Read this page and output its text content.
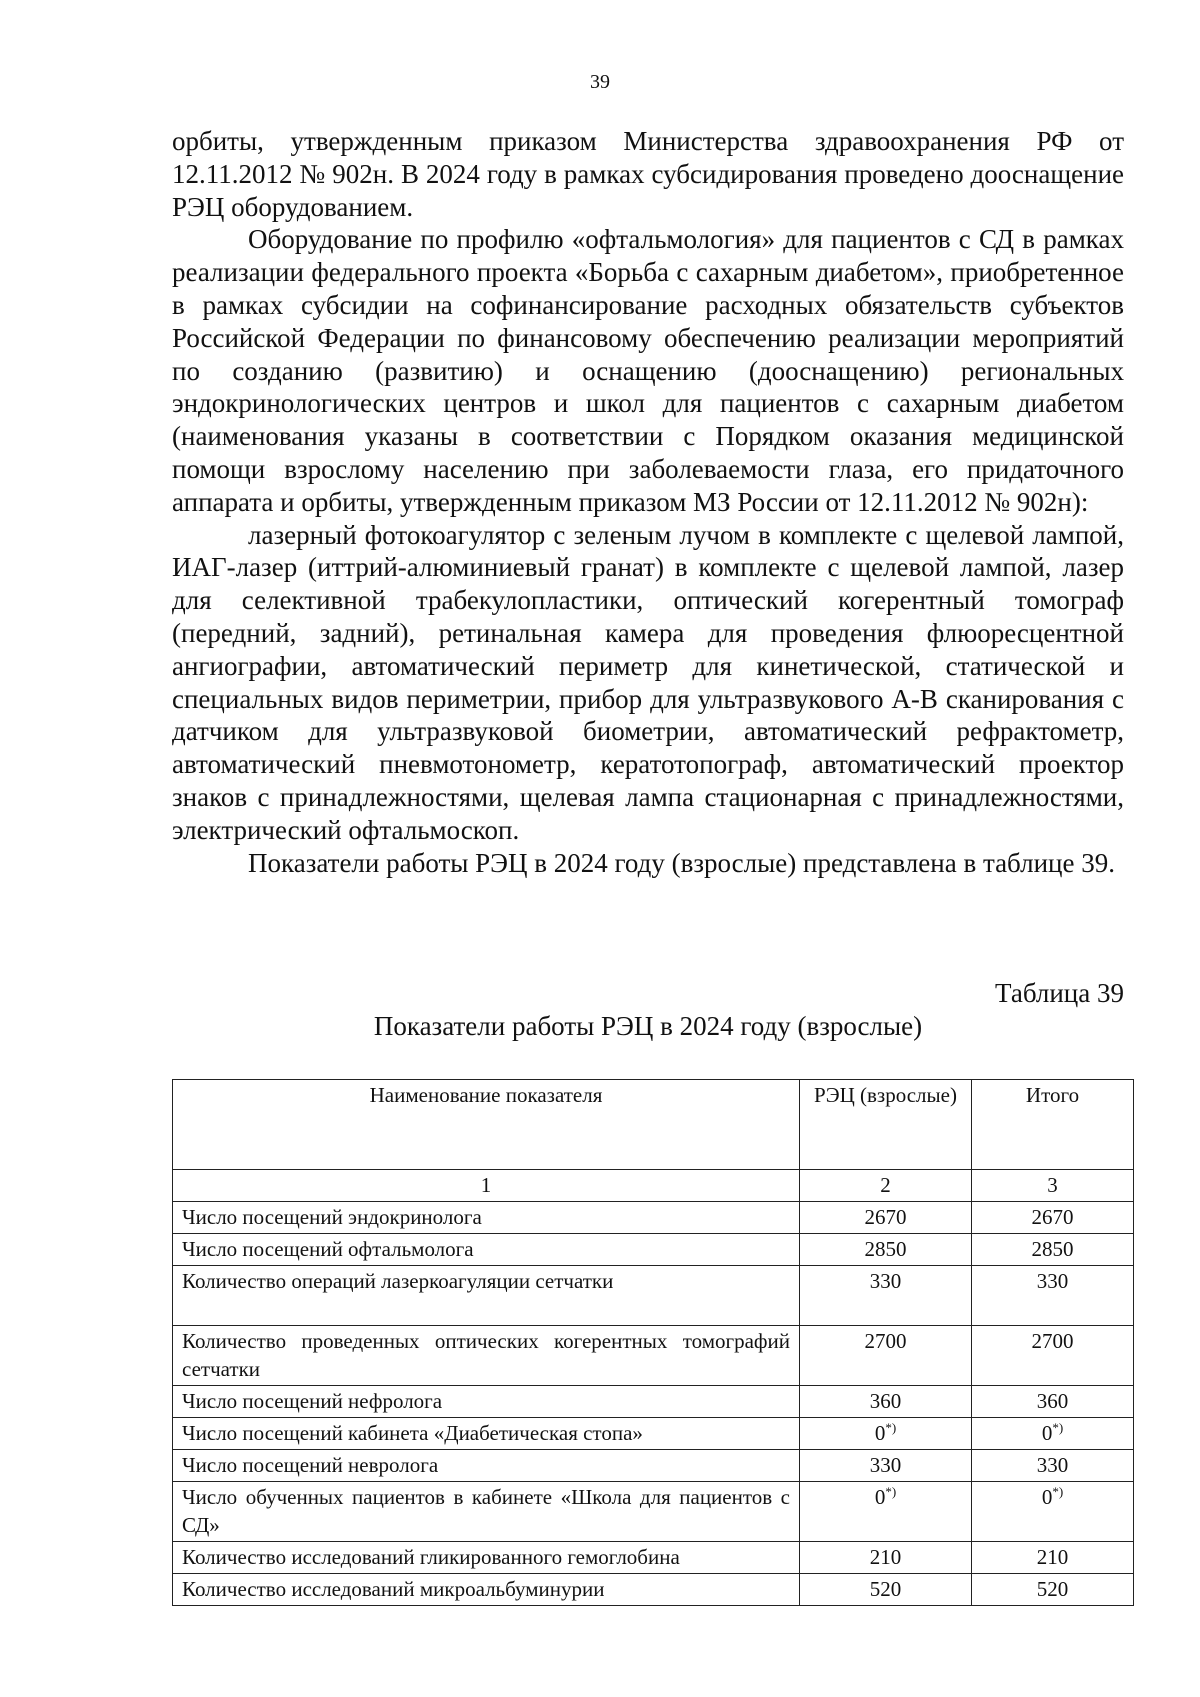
39

орбиты, утвержденным приказом Министерства здравоохранения РФ от 12.11.2012 № 902н. В 2024 году в рамках субсидирования проведено дооснащение РЭЦ оборудованием.

Оборудование по профилю «офтальмология» для пациентов с СД в рамках реализации федерального проекта «Борьба с сахарным диабетом», приобретенное в рамках субсидии на софинансирование расходных обязательств субъектов Российской Федерации по финансовому обеспечению реализации мероприятий по созданию (развитию) и оснащению (дооснащению) региональных эндокринологических центров и школ для пациентов с сахарным диабетом (наименования указаны в соответствии с Порядком оказания медицинской помощи взрослому населению при заболеваемости глаза, его придаточного аппарата и орбиты, утвержденным приказом МЗ России от 12.11.2012 № 902н):

лазерный фотокоагулятор с зеленым лучом в комплекте с щелевой лампой, ИАГ-лазер (иттрий-алюминиевый гранат) в комплекте с щелевой лампой, лазер для селективной трабекулопластики, оптический когерентный томограф (передний, задний), ретинальная камера для проведения флюоресцентной ангиографии, автоматический периметр для кинетической, статической и специальных видов периметрии, прибор для ультразвукового А-В сканирования с датчиком для ультразвуковой биометрии, автоматический рефрактометр, автоматический пневмотонометр, кератотопограф, автоматический проектор знаков с принадлежностями, щелевая лампа стационарная с принадлежностями, электрический офтальмоскоп.

Показатели работы РЭЦ в 2024 году (взрослые) представлена в таблице 39.

Таблица 39
Показатели работы РЭЦ в 2024 году (взрослые)
Наименование показателя	РЭЦ (взрослые)	Итого
1	2	3
Число посещений эндокринолога	2670	2670
Число посещений офтальмолога	2850	2850
Количество операций лазеркоагуляции сетчатки	330	330
Количество проведенных оптических когерентных томографий сетчатки	2700	2700
Число посещений нефролога	360	360
Число посещений кабинета «Диабетическая стопа»	0*)	0*)
Число посещений невролога	330	330
Число обученных пациентов в кабинете «Школа для пациентов с СД»	0*)	0*)
Количество исследований гликированного гемоглобина	210	210
Количество исследований микроальбуминурии	520	520
